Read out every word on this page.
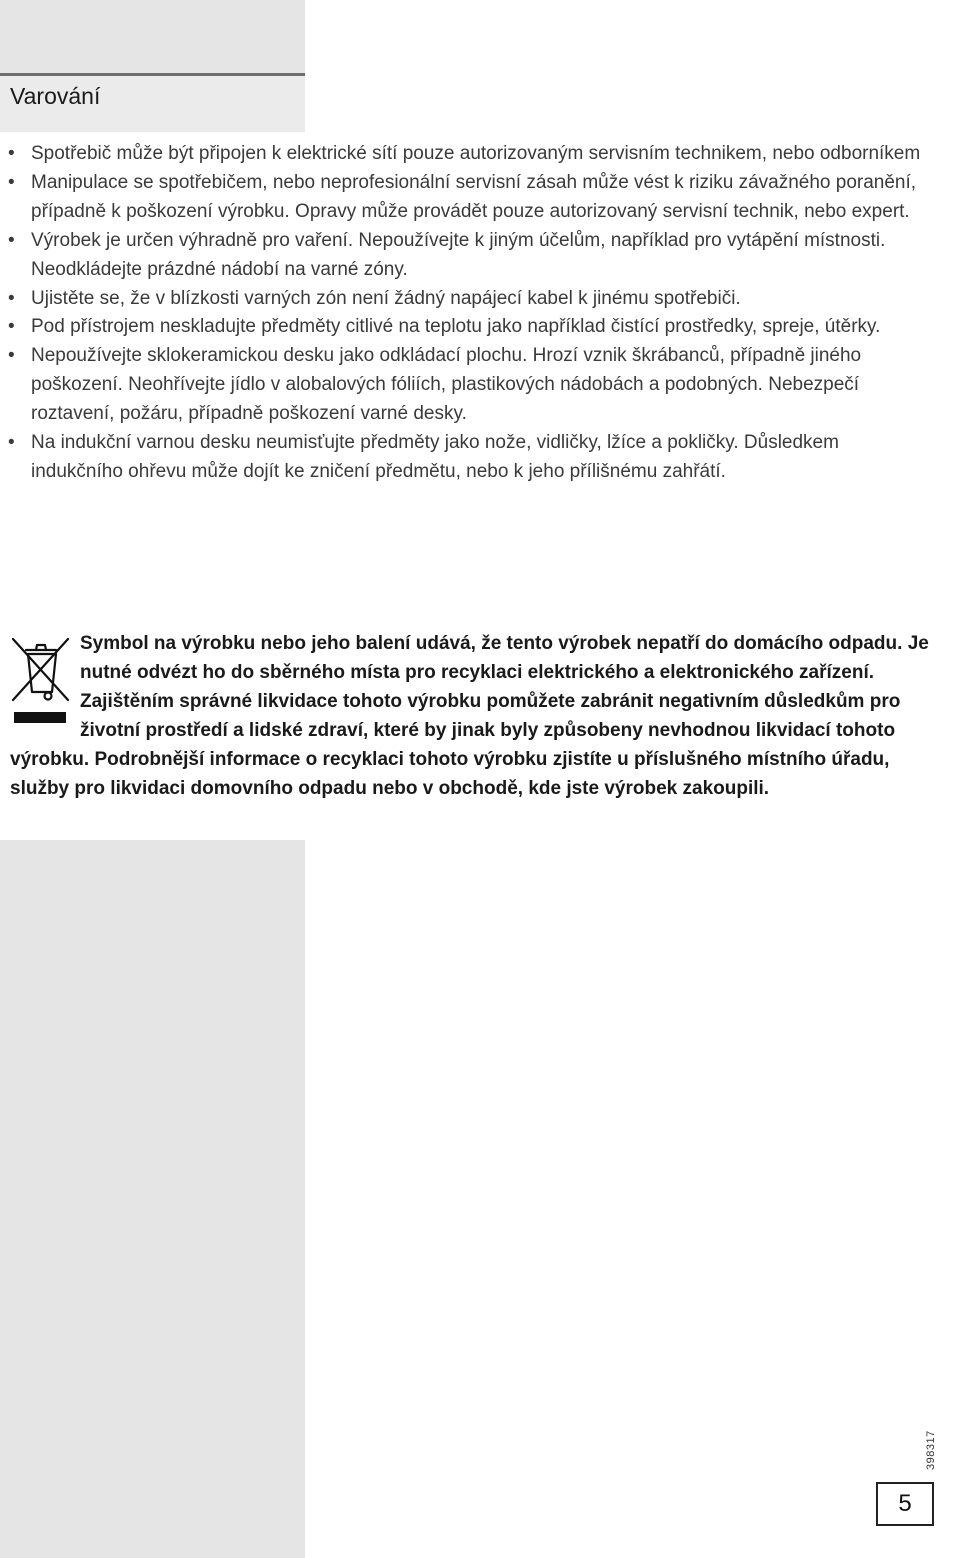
Varování
• Spotřebič může být připojen k elektrické sítí pouze autorizovaným servisním technikem, nebo odborníkem
• Manipulace se spotřebičem, nebo neprofesionální servisní zásah může vést k riziku závažného poranění, případně k poškození výrobku. Opravy může provádět pouze autorizovaný servisní technik, nebo expert.
• Výrobek je určen výhradně pro vaření. Nepoužívejte k jiným účelům, například pro vytápění místnosti. Neodkládejte prázdné nádobí na varné zóny.
• Ujistěte se, že v blízkosti varných zón není žádný napájecí kabel k jinému spotřebiči.
• Pod přístrojem neskladujte předměty citlivé na teplotu jako například čistící prostředky, spreje, útěrky.
• Nepoužívejte sklokeramickou desku jako odkládací plochu. Hrozí vznik škrábanců, případně jiného poškození. Neohřívejte jídlo v alobalových fóliích, plastikových nádobách a podobných. Nebezpečí roztavení, požáru, případně poškození varné desky.
• Na indukční varnou desku neumisťujte předměty jako nože, vidličky, lžíce a pokličky. Důsledkem indukčního ohřevu může dojít ke zničení předmětu, nebo k jeho přílišnému zahřátí.

Symbol na výrobku nebo jeho balení udává, že tento výrobek nepatří do domácího odpadu. Je nutné odvézt ho do sběrného místa pro recyklaci elektrického a elektronického zařízení. Zajištěním správné likvidace tohoto výrobku pomůžete zabránit negativním důsledkům pro životní prostředí a lidské zdraví, které by jinak byly způsobeny nevhodnou likvidací tohoto výrobku. Podrobnější informace o recyklaci tohoto výrobku zjistíte u příslušného místního úřadu, služby pro likvidaci domovního odpadu nebo v obchodě, kde jste výrobek zakoupili.

398317
5
